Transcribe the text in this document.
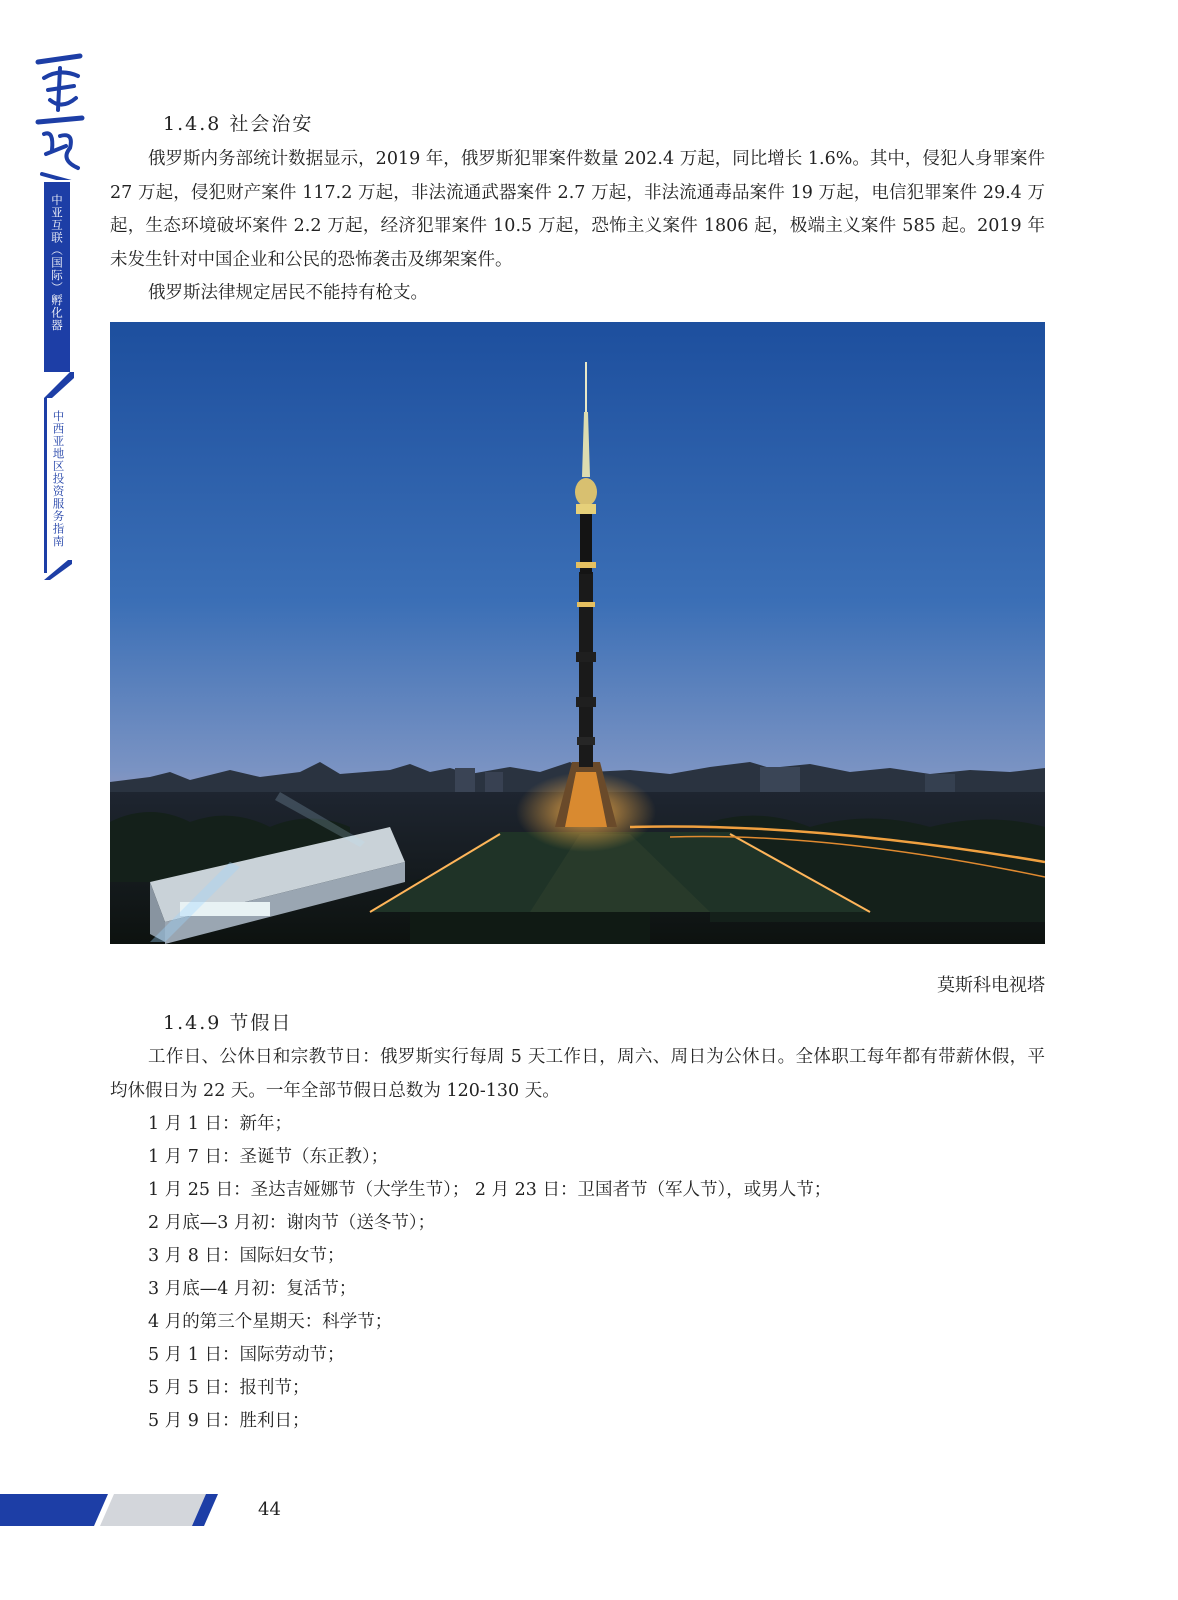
中亚互联（国际）孵化器
中西亚地区投资服务指南
1.4.8 社会治安

俄罗斯内务部统计数据显示，2019 年，俄罗斯犯罪案件数量 202.4 万起，同比增长 1.6%。其中，侵犯人身罪案件 27 万起，侵犯财产案件 117.2 万起，非法流通武器案件 2.7 万起，非法流通毒品案件 19 万起，电信犯罪案件 29.4 万起，生态环境破坏案件 2.2 万起，经济犯罪案件 10.5 万起，恐怖主义案件 1806 起，极端主义案件 585 起。2019 年未发生针对中国企业和公民的恐怖袭击及绑架案件。

俄罗斯法律规定居民不能持有枪支。

莫斯科电视塔
1.4.9 节假日

工作日、公休日和宗教节日：俄罗斯实行每周 5 天工作日，周六、周日为公休日。全体职工每年都有带薪休假，平均休假日为 22 天。一年全部节假日总数为 120-130 天。

1 月 1 日：新年；
1 月 7 日：圣诞节（东正教）；
1 月 25 日：圣达吉娅娜节（大学生节）； 2 月 23 日：卫国者节（军人节），或男人节；
2 月底—3 月初：谢肉节（送冬节）；
3 月 8 日：国际妇女节；
3 月底—4 月初：复活节；
4 月的第三个星期天：科学节；
5 月 1 日：国际劳动节；
5 月 5 日：报刊节；
5 月 9 日：胜利日；
44
